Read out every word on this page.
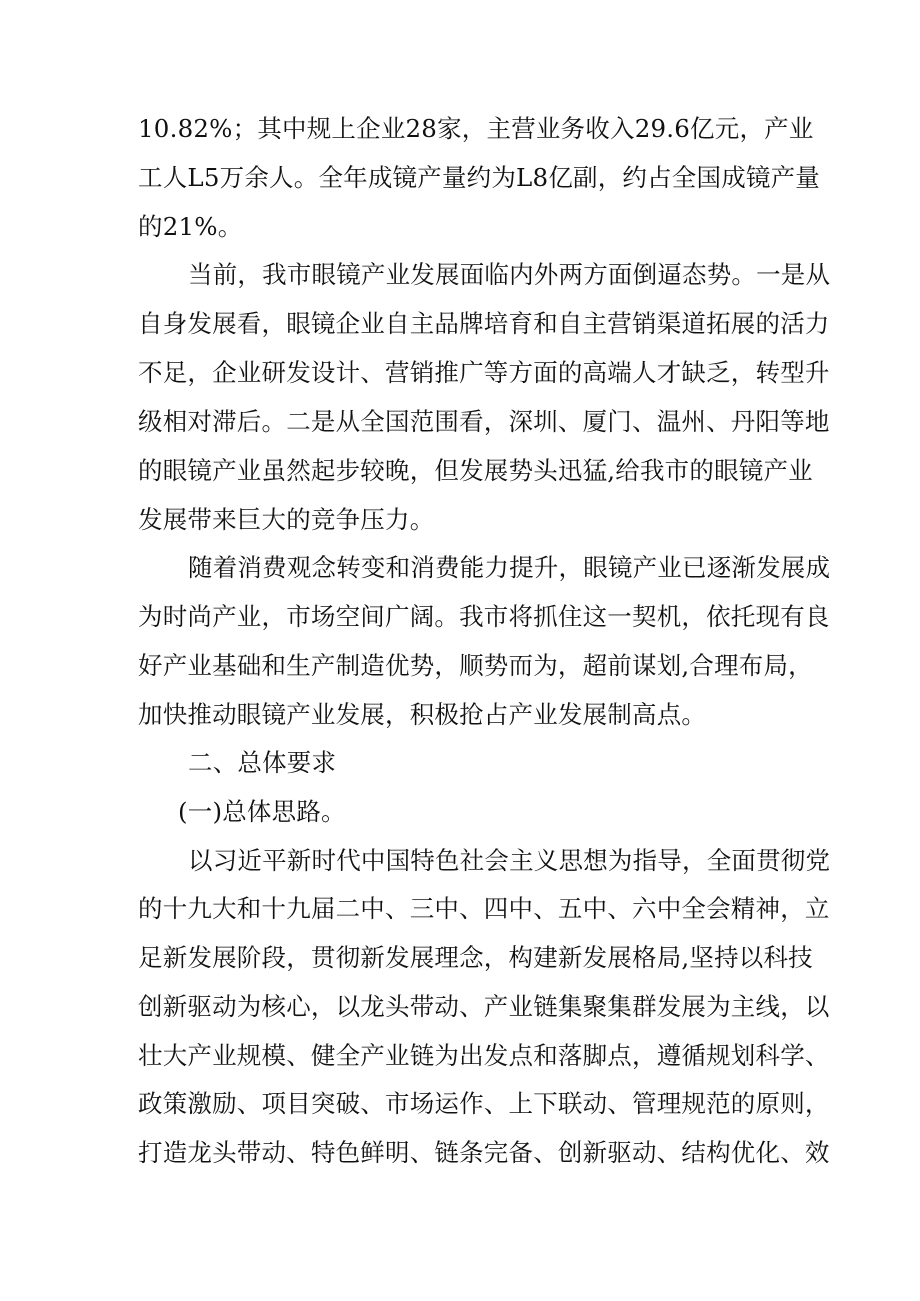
10.82%；其中规上企业28家，主营业务收入29.6亿元，产业
工人L5万余人。全年成镜产量约为L8亿副，约占全国成镜产量
的21%。
当前，我市眼镜产业发展面临内外两方面倒逼态势。一是从
自身发展看，眼镜企业自主品牌培育和自主营销渠道拓展的活力
不足，企业研发设计、营销推广等方面的高端人才缺乏，转型升
级相对滞后。二是从全国范围看，深圳、厦门、温州、丹阳等地
的眼镜产业虽然起步较晚，但发展势头迅猛,给我市的眼镜产业
发展带来巨大的竞争压力。
随着消费观念转变和消费能力提升，眼镜产业已逐渐发展成
为时尚产业，市场空间广阔。我市将抓住这一契机，依托现有良
好产业基础和生产制造优势，顺势而为，超前谋划,合理布局，
加快推动眼镜产业发展，积极抢占产业发展制高点。
二、总体要求
(一)总体思路。
以习近平新时代中国特色社会主义思想为指导，全面贯彻党
的十九大和十九届二中、三中、四中、五中、六中全会精神，立
足新发展阶段，贯彻新发展理念，构建新发展格局,坚持以科技
创新驱动为核心，以龙头带动、产业链集聚集群发展为主线，以
壮大产业规模、健全产业链为出发点和落脚点，遵循规划科学、
政策激励、项目突破、市场运作、上下联动、管理规范的原则，
打造龙头带动、特色鲜明、链条完备、创新驱动、结构优化、效
